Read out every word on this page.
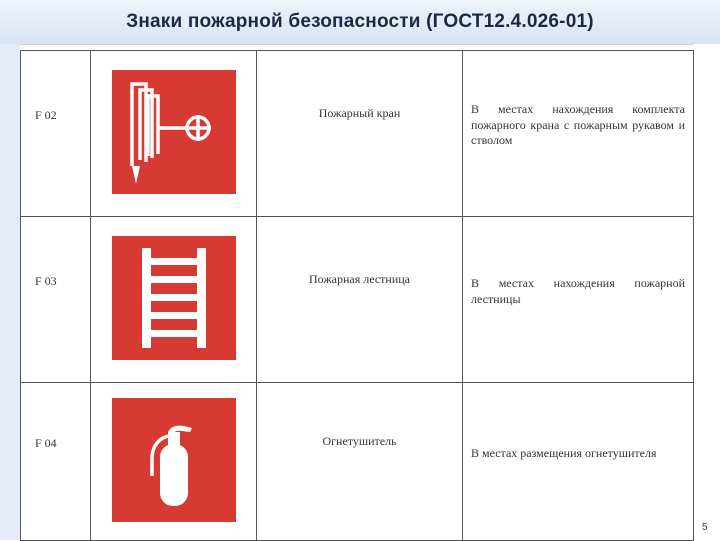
Знаки пожарной безопасности (ГОСТ12.4.026-01)
F 02		Пожарный кран	В местах нахождения комплекта пожарного крана с пожарным рукавом и стволом

F 03		Пожарная лестница	В местах нахождения пожарной лестницы

F 04		Огнетушитель	В местах размещения огнетушителя
5
